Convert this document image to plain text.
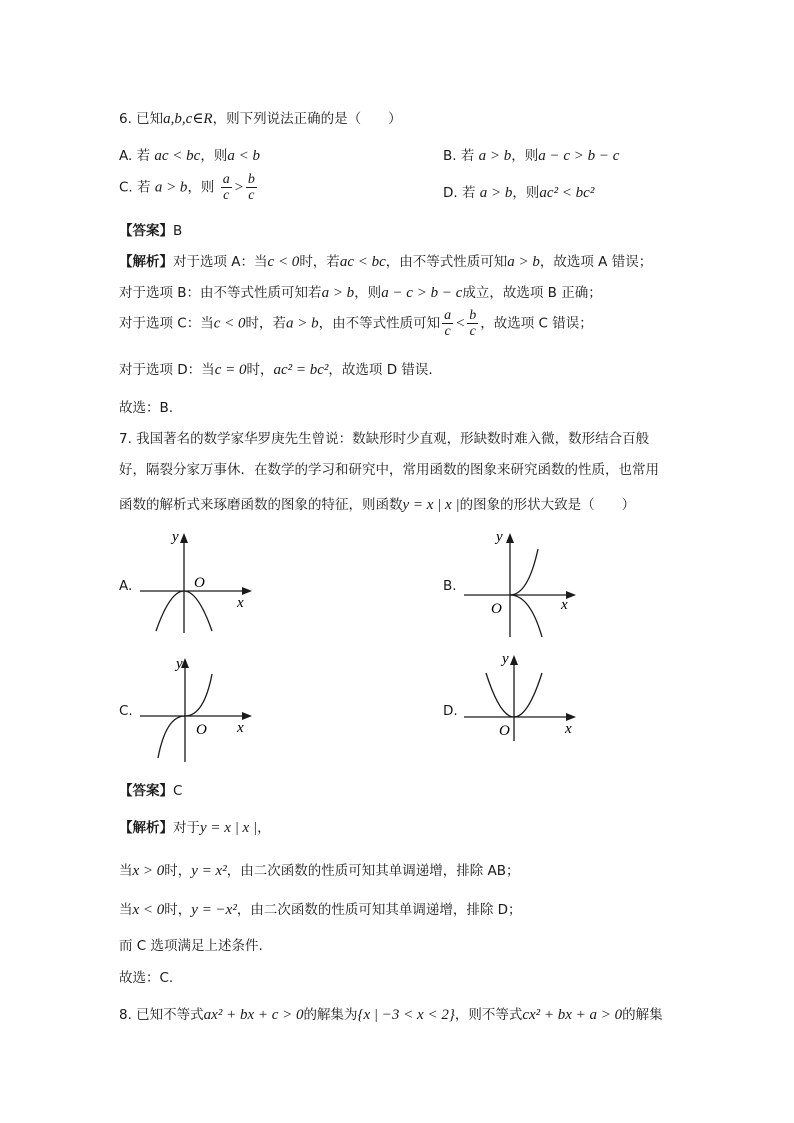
6. 已知a,b,c∈R，则下列说法正确的是（　　）
A. 若 ac < bc，则a < b	B. 若 a > b，则a − c > b − c
C. 若 a > b，则 $\frac{a}{c} > \frac{b}{c}$	D. 若 a > b，则ac² < bc²
【答案】B
【解析】对于选项 A：当c < 0时，若ac < bc，由不等式性质可知a > b，故选项 A 错误；
对于选项 B：由不等式性质可知若a > b，则a − c > b − c成立，故选项 B 正确；
对于选项 C：当c < 0时，若a > b，由不等式性质可知 $\frac{a}{c} < \frac{b}{c}$ ，故选项 C 错误；
对于选项 D：当c = 0时，ac² = bc²，故选项 D 错误.
故选：B.
7. 我国著名的数学家华罗庚先生曾说：数缺形时少直观，形缺数时难入微，数形结合百般
好，隔裂分家万事休．在数学的学习和研究中，常用函数的图象来研究函数的性质，也常用
函数的解析式来琢磨函数的图象的特征，则函数y = x | x |的图象的形状大致是（　　）
A.
y
x
O	B.
y
x
O
C.
y
x
O
D.
y
x
O
【答案】C
【解析】对于y = x | x |，
当x > 0时，y = x²，由二次函数的性质可知其单调递增，排除 AB；
当x < 0时，y = −x²，由二次函数的性质可知其单调递增，排除 D；
而 C 选项满足上述条件.
故选：C.
8. 已知不等式ax² + bx + c > 0的解集为{x | −3 < x < 2}，则不等式cx² + bx + a > 0的解集
